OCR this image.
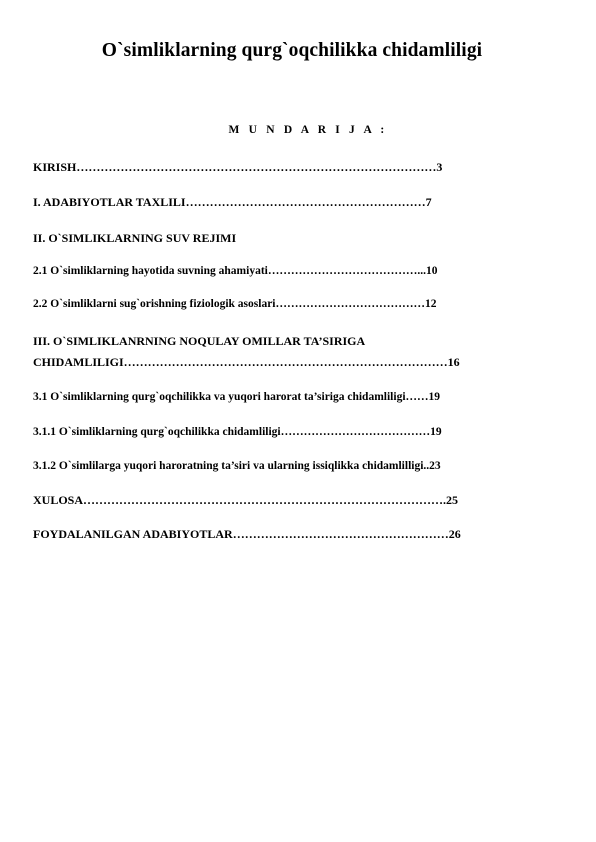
O`simliklarning qurg`oqchilikka chidamliligi
M U N D A R I J A :
KIRISH………………………………………………………………………………3
I. ADABIYOTLAR TAXLILI……………………………………………………7
II. O`SIMLIKLARNING SUV REJIMI
2.1 O`simliklarning hayotida suvning ahamiyati…………………………………...10
2.2 O`simliklarni sug`orishning fiziologik asoslari…………………………………12
III. O`SIMLIKLANRNING NOQULAY OMILLAR TA’SIRIGA
CHIDAMLILIGI………………………………………………………………………16
3.1 O`simliklarning qurg`oqchilikka va yuqori harorat ta’siriga chidamliligi……19
3.1.1 O`simliklarning qurg`oqchilikka chidamliligi…………………………………19
3.1.2 O`simlilarga yuqori haroratning ta’siri va ularning issiqlikka chidamlilligi..23
XULOSA……………………………………………………………………………….25
FOYDALANILGAN ADABIYOTLAR………………………………………………26
